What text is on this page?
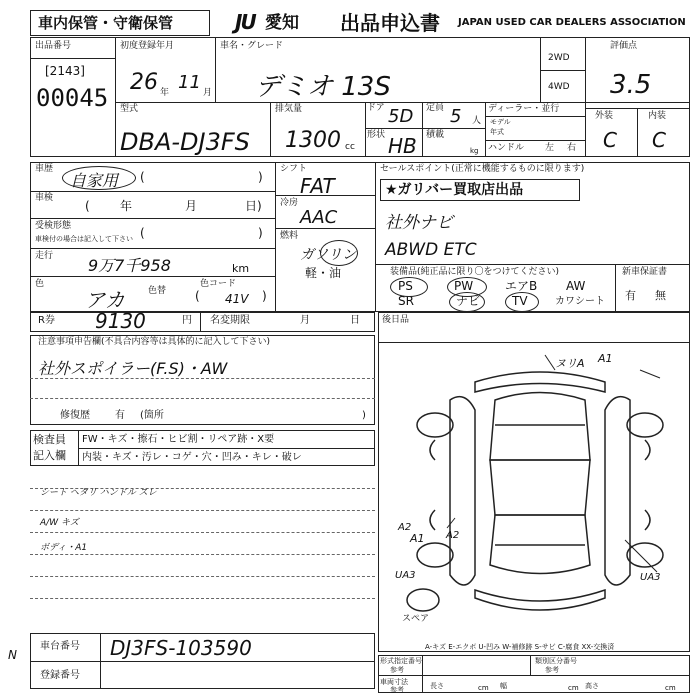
車内保管・守衛保管	JU 愛知 出品申込書 JAPAN USED CAR DEALERS ASSOCIATION
出品番号
[2143]
00045
初度登録年月
26 年 11 月
車名・グレード
デミオ 13S
2WD
4WD
評価点
3.5
外装	内装
C C
型式
DBA-DJ3FS
排気量
1300 cc
ドア 5D
形状 HB
定員 5 人
積載
kg
ディーラー・並行
モデル
年式
ハンドル 左 右
車歴
自家用 (	)
車検
(	年	月	日)
受検形態
車検付の場合は記入して下さい (	)
走行 9万7千958	km
色
アカ	色替
色コード
( 41V )
シフト
FAT
冷房
AAC
燃料
ガソリン
軽・油
セールスポイント(正常に機能するものに限ります)
★ガリバー買取店出品
社外ナビ
ABWD ETC
装備品(純正品に限り〇をつけてください)
PS	PW	エアB AW
SR	ナビ	TV	カワシート
新車保証書
有 無
R券 9130	円 名変期限	月	日 後日品
ヌリA A1
A1
A2
A2
UA3	UA3
スペア
A-キズ E-エクボ U-凹み W-補修跡 S-サビ C-腐食 XX-交換済
注意事項申告欄(不具合内容等は具体的に記入して下さい)
社外スポイラー(F.S)・AW
修復歴	有 (箇所	)
検査員
記入欄
FW・キズ・擦石・ヒビ割・リペア跡・X要
内装・キズ・汚レ・コゲ・穴・凹み・キレ・破レ
シート ヘタリ ハンドル スレ
A/W キズ
ボディ・A1
車台番号 DJ3FS-103590
登録番号
N	形式指定番号
参考
類別区分番号
参考
車両寸法
参考	長さ	cm 幅	cm 高さ	cm
